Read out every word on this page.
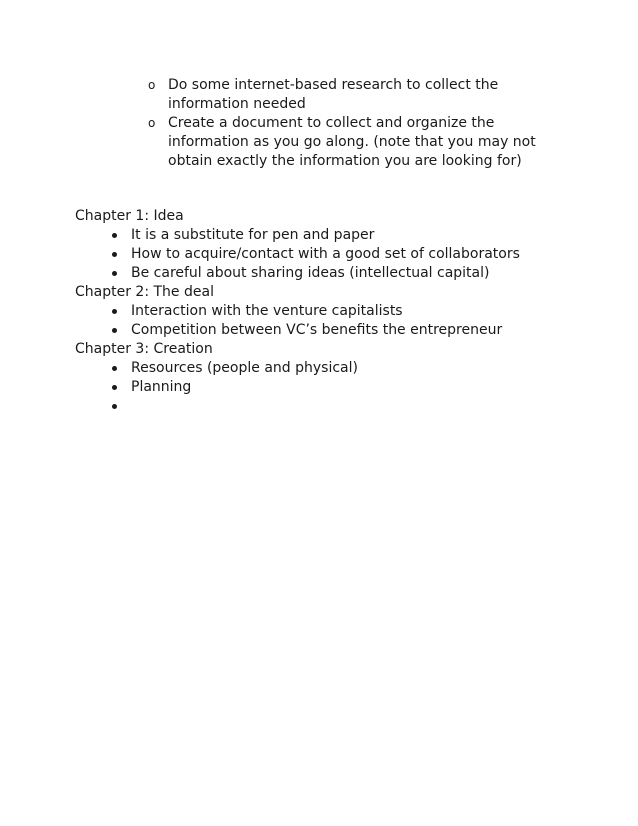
o Do some internet-based research to collect the information needed
o Create a document to collect and organize the information as you go along. (note that you may not obtain exactly the information you are looking for)

Chapter 1: Idea

It is a substitute for pen and paper
How to acquire/contact with a good set of collaborators
Be careful about sharing ideas (intellectual capital)

Chapter 2: The deal

Interaction with the venture capitalists
Competition between VC’s benefits the entrepreneur

Chapter 3: Creation

Resources (people and physical)
Planning
